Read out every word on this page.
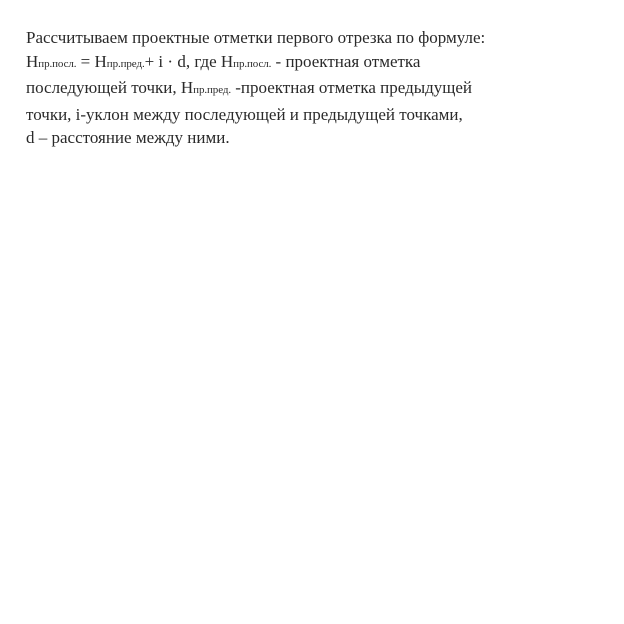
Рассчитываем проектные отметки первого отрезка по формуле:
Hпр.посл. = Hпр.пред.+ i · d, где Hпр.посл. - проектная отметка
последующей точки, Hпр.пред. -проектная отметка предыдущей
точки, i-уклон между последующей и предыдущей точками,
d – расстояние между ними.
